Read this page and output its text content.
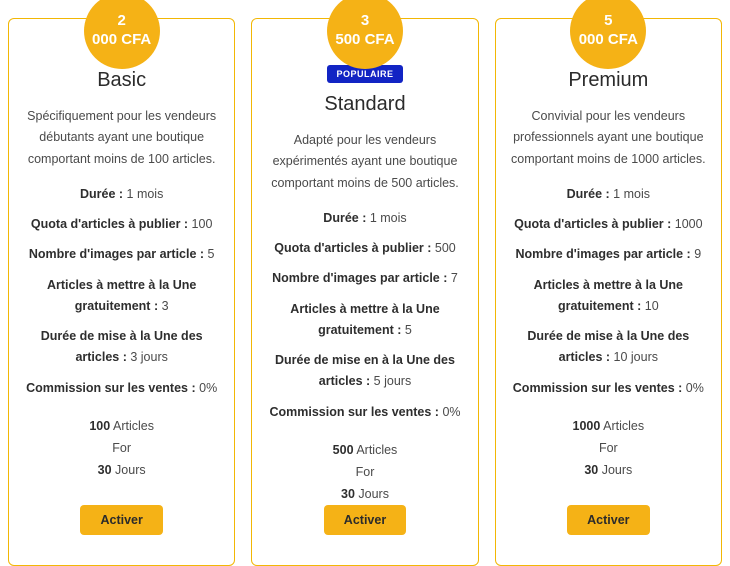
2
000 CFA
Basic
Spécifiquement pour les vendeurs débutants ayant une boutique comportant moins de 100 articles.
Durée : 1 mois
Quota d'articles à publier : 100
Nombre d'images par article : 5
Articles à mettre à la Une gratuitement : 3
Durée de mise à la Une des articles : 3 jours
Commission sur les ventes : 0%
100 Articles
For
30 Jours
Activer
3
500 CFA
POPULAIRE
Standard
Adapté pour les vendeurs expérimentés ayant une boutique comportant moins de 500 articles.
Durée : 1 mois
Quota d'articles à publier : 500
Nombre d'images par article : 7
Articles à mettre à la Une gratuitement : 5
Durée de mise en à la Une des articles : 5 jours
Commission sur les ventes : 0%
500 Articles
For
30 Jours
Activer
5
000 CFA
Premium
Convivial pour les vendeurs professionnels ayant une boutique comportant moins de 1000 articles.
Durée : 1 mois
Quota d'articles à publier : 1000
Nombre d'images par article : 9
Articles à mettre à la Une gratuitement : 10
Durée de mise à la Une des articles : 10 jours
Commission sur les ventes : 0%
1000 Articles
For
30 Jours
Activer
